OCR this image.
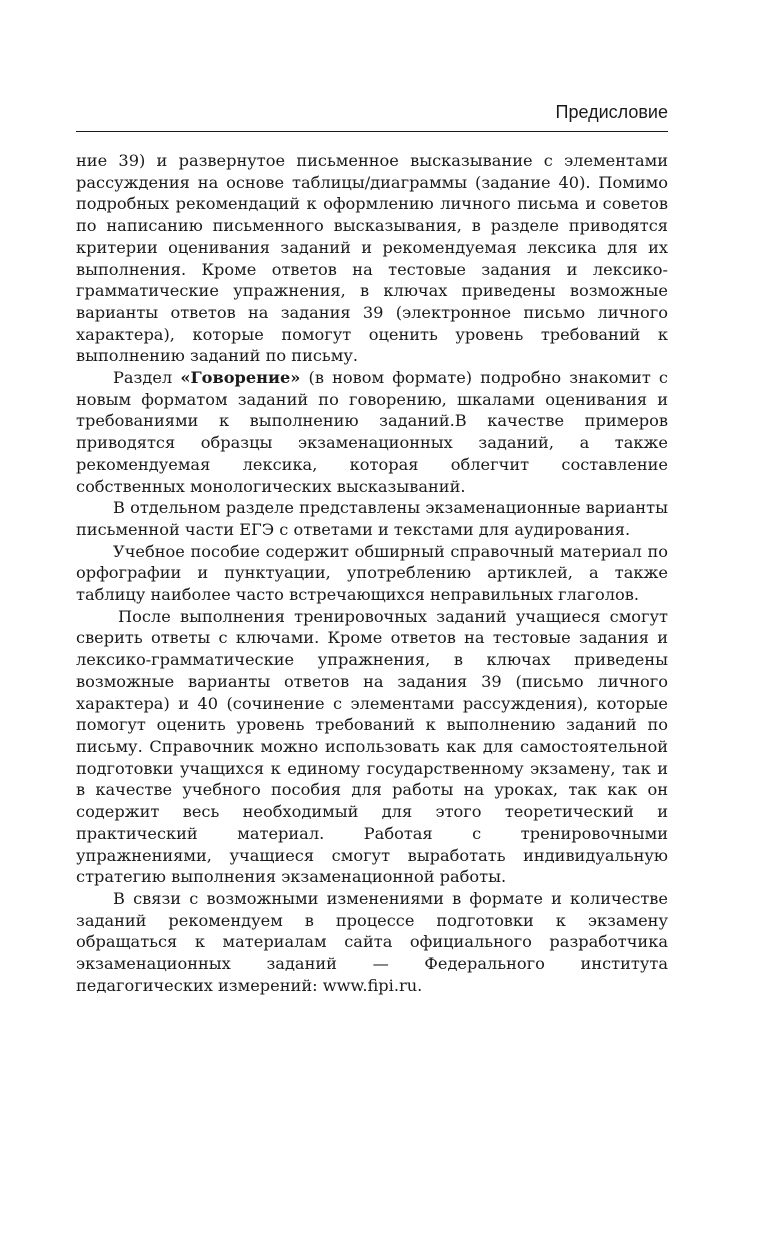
Предисловие

ние 39) и развернутое письменное высказывание с элементами рассуждения на основе таблицы/диаграммы (задание 40). Помимо подробных рекомендаций к оформлению личного письма и советов по написанию письменного высказывания, в разделе приводятся критерии оценивания заданий и рекомендуемая лексика для их выполнения. Кроме ответов на тестовые задания и лексико-грамматические упражнения, в ключах приведены возможные варианты ответов на задания 39 (электронное письмо личного характера), которые помогут оценить уровень требований к выполнению заданий по письму.

Раздел «Говорение» (в новом формате) подробно знакомит с новым форматом заданий по говорению, шкалами оценивания и требованиями к выполнению заданий.В качестве примеров приводятся образцы экзаменационных заданий, а также рекомендуемая лексика, которая облегчит составление собственных монологических высказываний.

В отдельном разделе представлены экзаменационные варианты письменной части ЕГЭ с ответами и текстами для аудирования.

Учебное пособие содержит обширный справочный материал по орфографии и пунктуации, употреблению артиклей, а также таблицу наиболее часто встречающихся неправильных глаголов.

После выполнения тренировочных заданий учащиеся смогут сверить ответы с ключами. Кроме ответов на тестовые задания и лексико-грамматические упражнения, в ключах приведены возможные варианты ответов на задания 39 (письмо личного характера) и 40 (сочинение с элементами рассуждения), которые помогут оценить уровень требований к выполнению заданий по письму. Справочник можно использовать как для самостоятельной подготовки учащихся к единому государственному экзамену, так и в качестве учебного пособия для работы на уроках, так как он содержит весь необходимый для этого теоретический и практический материал. Работая с тренировочными упражнениями, учащиеся смогут выработать индивидуальную стратегию выполнения экзаменационной работы.

В связи с возможными изменениями в формате и количестве заданий рекомендуем в процессе подготовки к экзамену обращаться к материалам сайта официального разработчика экзаменационных заданий — Федерального института педагогических измерений: www.fipi.ru.
